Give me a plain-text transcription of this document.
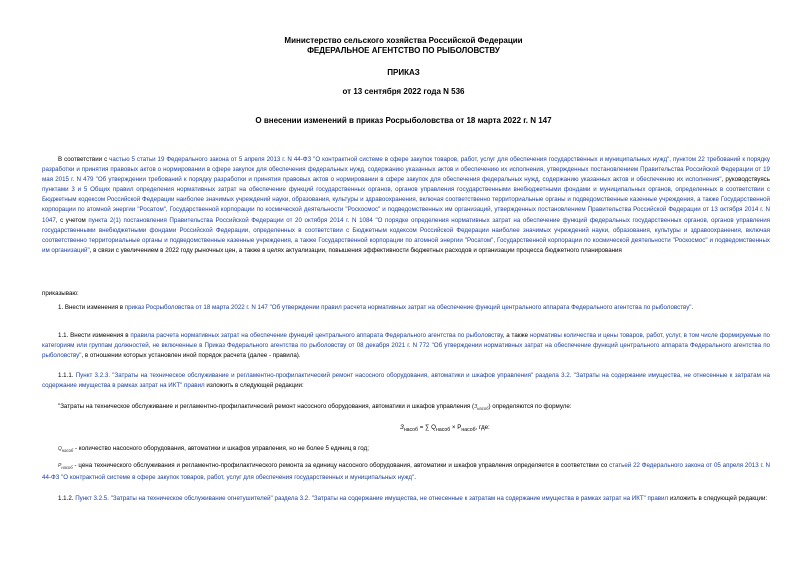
Министерство сельского хозяйства Российской Федерации
ФЕДЕРАЛЬНОЕ АГЕНТСТВО ПО РЫБОЛОВСТВУ
ПРИКАЗ
от 13 сентября 2022 года N 536
О внесении изменений в приказ Росрыболовства от 18 марта 2022 г. N 147

В соответствии с частью 5 статьи 19 Федерального закона от 5 апреля 2013 г. N 44-ФЗ "О контрактной системе в сфере закупок товаров, работ, услуг для обеспечения государственных и муниципальных нужд", пунктом 22 требований к порядку разработки и принятия правовых актов о нормировании в сфере закупок для обеспечения федеральных нужд, содержанию указанных актов и обеспечению их исполнения, утвержденных постановлением Правительства Российской Федерации от 19 мая 2015 г. N 479 "Об утверждении требований к порядку разработки и принятия правовых актов о нормировании в сфере закупок для обеспечения федеральных нужд, содержанию указанных актов и обеспечению их исполнения", руководствуясь пунктами 3 и 5 Общих правил определения нормативных затрат на обеспечение функций государственных органов, органов управления государственными внебюджетными фондами и муниципальных органов, определенных в соответствии с Бюджетным кодексом Российской Федерации наиболее значимых учреждений науки, образования, культуры и здравоохранения, включая соответственно территориальные органы и подведомственные казенные учреждения, а также Государственной корпорации по атомной энергии "Росатом", Государственной корпорации по космической деятельности "Роскосмос" и подведомственных им организаций, утвержденных постановлением Правительства Российской Федерации от 13 октября 2014 г. N 1047, с учетом пункта 2(1) постановления Правительства Российской Федерации от 20 октября 2014 г. N 1084 "О порядке определения нормативных затрат на обеспечение функций федеральных государственных органов, органов управления государственными внебюджетными фондами Российской Федерации, определенных в соответствии с Бюджетным кодексом Российской Федерации наиболее значимых учреждений науки, образования, культуры и здравоохранения, включая соответственно территориальные органы и подведомственные казенные учреждения, а также Государственной корпорации по атомной энергии "Росатом", Государственной корпорации по космической деятельности "Роскосмос" и подведомственных им организаций", в связи с увеличением в 2022 году рыночных цен, а также в целях актуализации, повышения эффективности бюджетных расходов и организации процесса бюджетного планирования

приказываю:

1. Внести изменения в приказ Росрыболовства от 18 марта 2022 г. N 147 "Об утверждении правил расчета нормативных затрат на обеспечение функций центрального аппарата Федерального агентства по рыболовству".

1.1. Внести изменения в правила расчета нормативных затрат на обеспечение функций центрального аппарата Федерального агентства по рыболовству, а также нормативы количества и цены товаров, работ, услуг, в том числе формируемые по категориям или группам должностей, не включенные в Приказ Федерального агентства по рыболовству от 08 декабря 2021 г. N 772 "Об утверждении нормативных затрат на обеспечение функций центрального аппарата Федерального агентства по рыболовству", в отношении которых установлен иной порядок расчета (далее - правила).

1.1.1. Пункт 3.2.3. "Затраты на техническое обслуживание и регламентно-профилактический ремонт насосного оборудования, автоматики и шкафов управления" раздела 3.2. "Затраты на содержание имущества, не отнесенные к затратам на содержание имущества в рамках затрат на ИКТ" правил изложить в следующей редакции:

"Затраты на техническое обслуживание и регламентно-профилактический ремонт насосного оборудования, автоматики и шкафов управления $(З_{насоб})$ определяются по формуле:

$З_{насоб}$ = ∑ $Q_{насоб} \times P_{насоб}$, где:

$Q_{насоб}$ - количество насосного оборудования, автоматики и шкафов управления, но не более 5 единиц в год;

$P_{насоб}$ - цена технического обслуживания и регламентно-профилактического ремонта за единицу насосного оборудования, автоматики и шкафов управления определяется в соответствии со статьей 22 Федерального закона от 05 апреля 2013 г. N 44-ФЗ "О контрактной системе в сфере закупок товаров, работ, услуг для обеспечения государственных и муниципальных нужд".

1.1.2. Пункт 3.2.5. "Затраты на техническое обслуживание огнетушителей" раздела 3.2. "Затраты на содержание имущества, не отнесенные к затратам на содержание имущества в рамках затрат на ИКТ" правил изложить в следующей редакции:
